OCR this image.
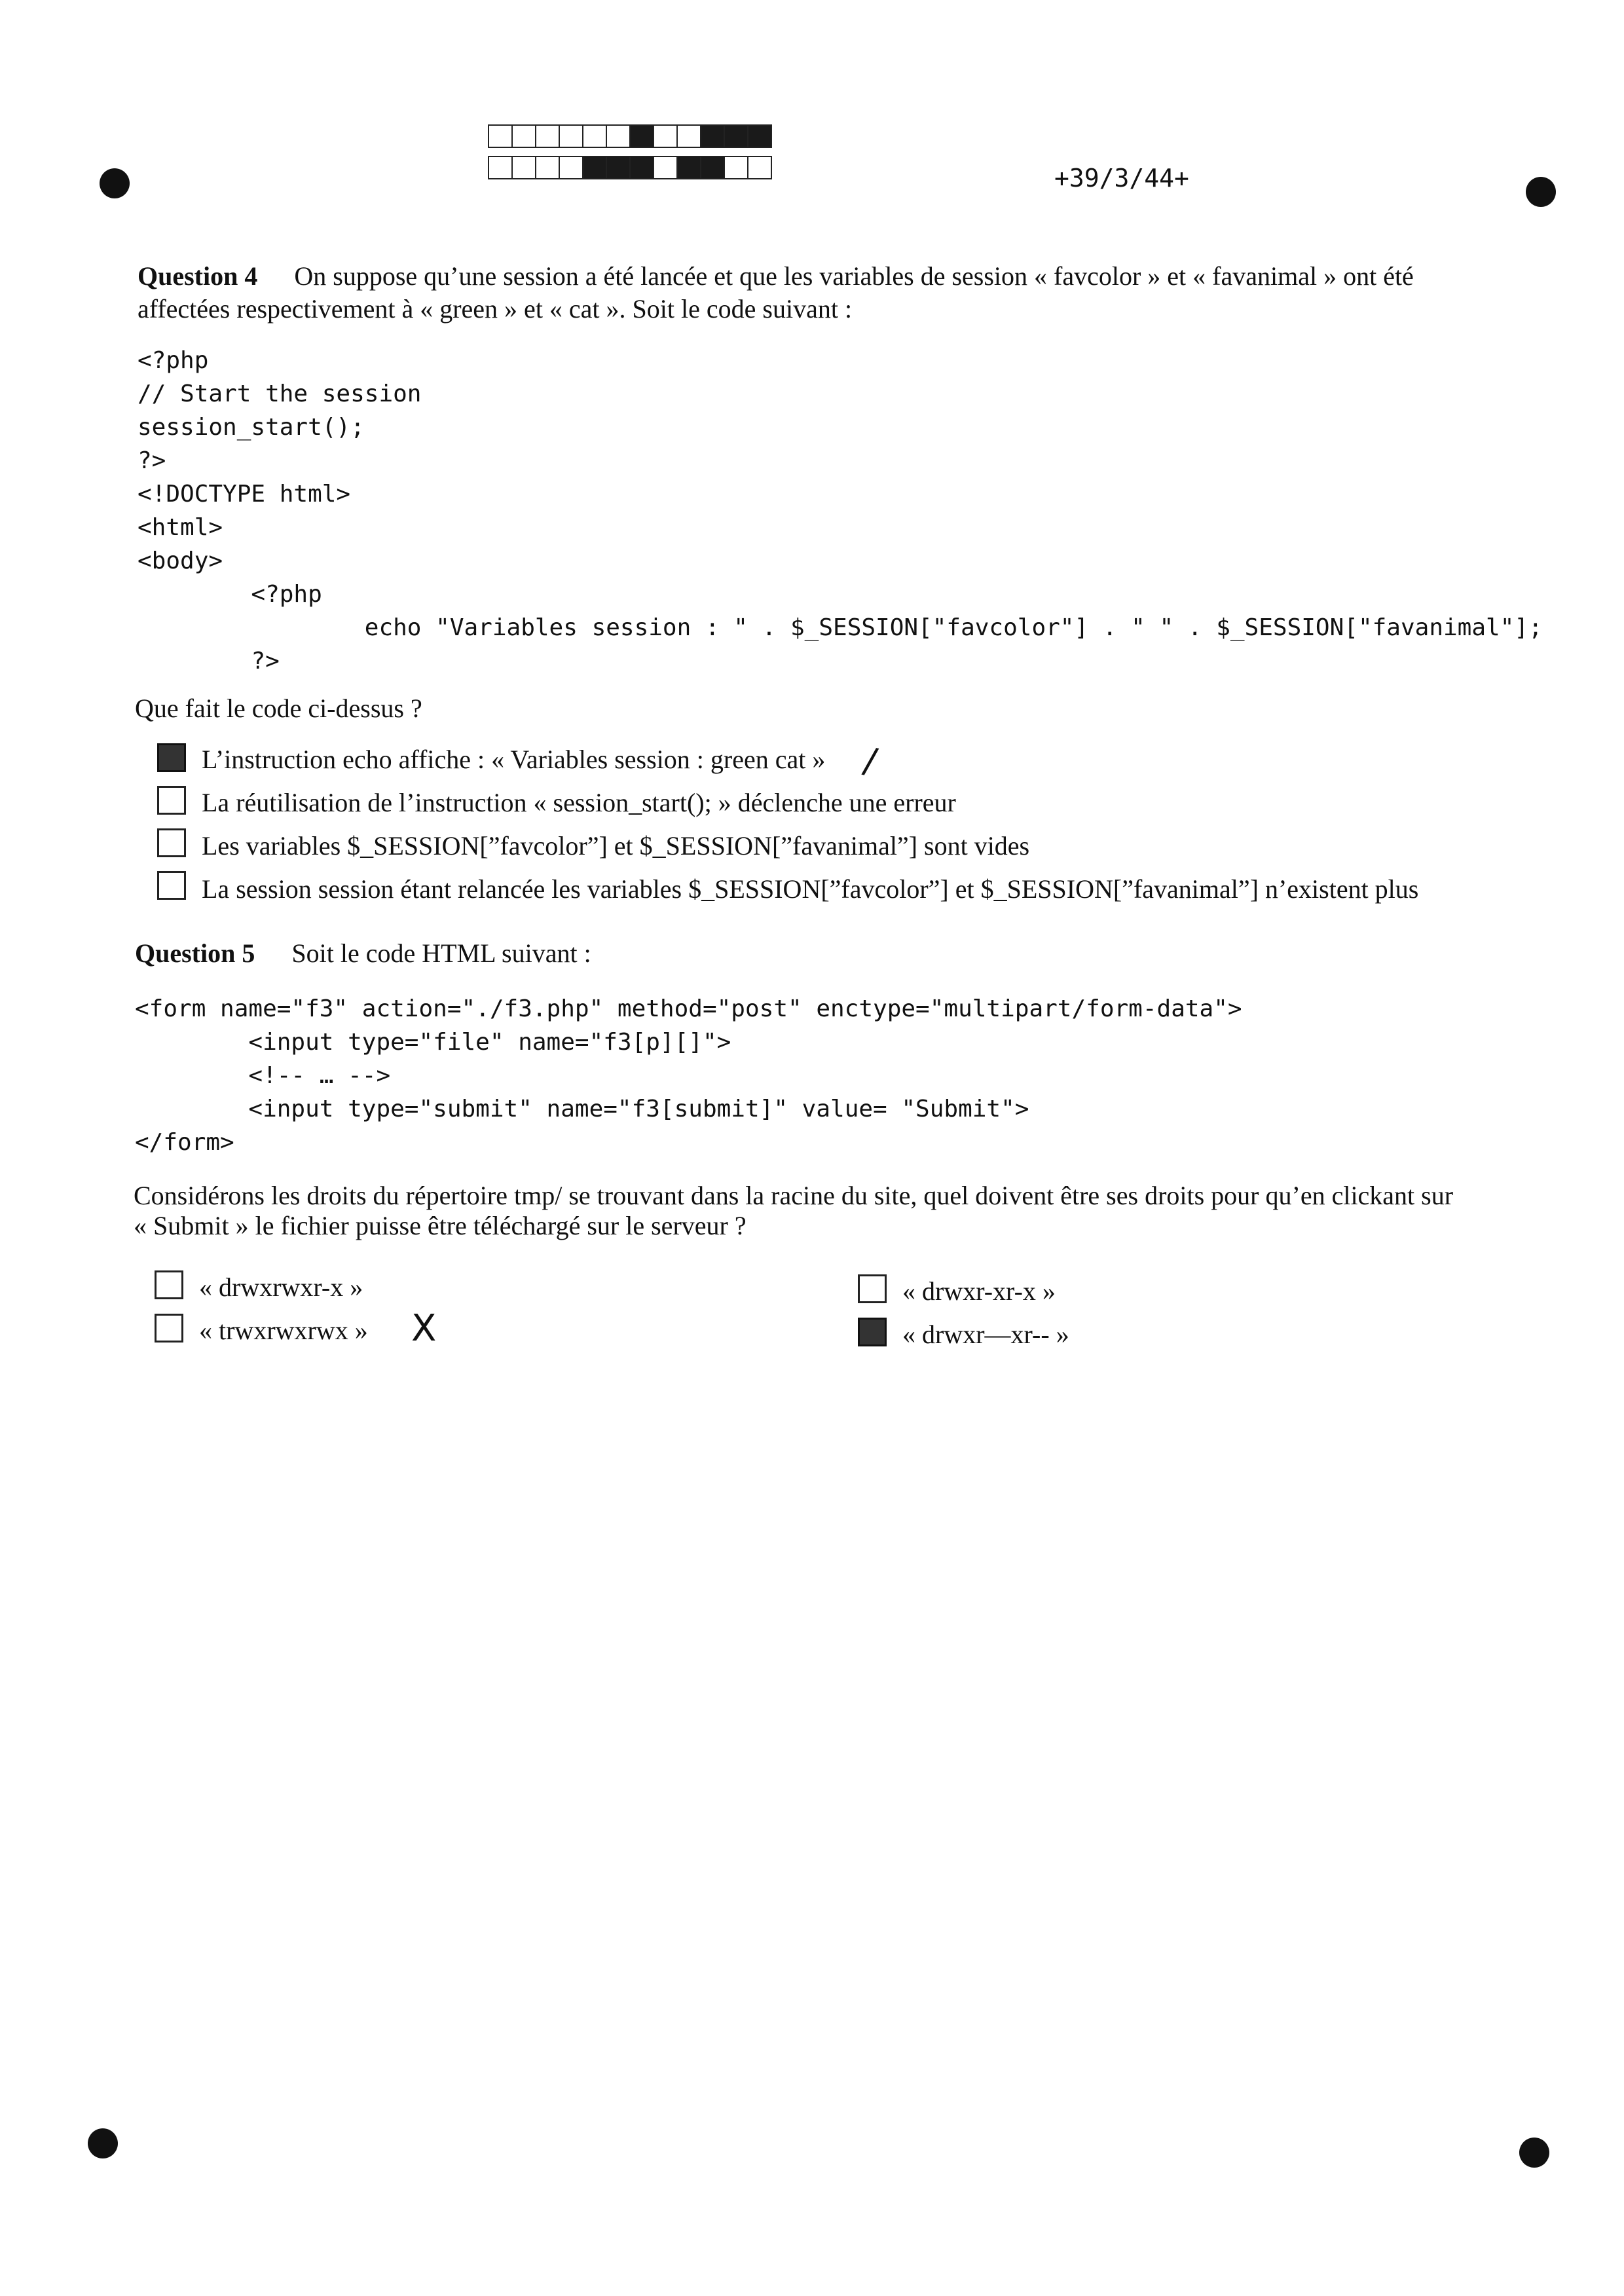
+39/3/44+
Question 4 On suppose qu’une session a été lancée et que les variables de session « favcolor » et « favanimal » ont été
affectées respectivement à « green » et « cat ». Soit le code suivant :
<?php
// Start the session
session_start();
?>
<!DOCTYPE html>
<html>
<body>
<?php
echo "Variables session : " . $_SESSION["favcolor"] . " " . $_SESSION["favanimal"];
?>
Que fait le code ci-dessus ?
L’instruction echo affiche : « Variables session : green cat » /
La réutilisation de l’instruction « session_start(); » déclenche une erreur
Les variables $_SESSION[”favcolor”] et $_SESSION[”favanimal”] sont vides
La session session étant relancée les variables $_SESSION[”favcolor”] et $_SESSION[”favanimal”] n’existent plus
Question 5 Soit le code HTML suivant :
<form name="f3" action="./f3.php" method="post" enctype="multipart/form-data">
<input type="file" name="f3[p][]">
<!-- … -->
<input type="submit" name="f3[submit]" value= "Submit">
</form>
Considérons les droits du répertoire tmp/ se trouvant dans la racine du site, quel doivent être ses droits pour qu’en clickant sur
« Submit » le fichier puisse être téléchargé sur le serveur ?
« drwxrwxr-x »	« drwxr-xr-x »
« trwxrwxrwx » X	« drwxr—xr-- »
